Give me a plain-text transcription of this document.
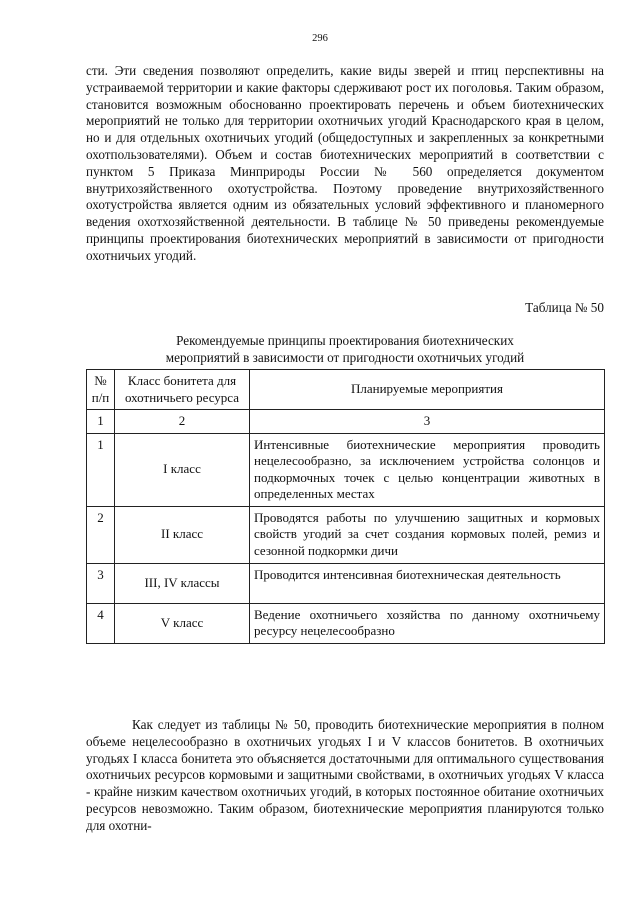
296

сти. Эти сведения позволяют определить, какие виды зверей и птиц перспективны на устраиваемой территории и какие факторы сдерживают рост их поголовья. Таким образом, становится возможным обоснованно проектировать перечень и объем биотехнических мероприятий не только для территории охотничьих угодий Краснодарского края в целом, но и для отдельных охотничьих угодий (общедоступных и закрепленных за конкретными охотпользователями). Объем и состав биотехнических мероприятий в соответствии с пунктом 5 Приказа Минприроды России № 560 определяется документом внутрихозяйственного охотустройства. Поэтому проведение внутрихозяйственного охотустройства является одним из обязательных условий эффективного и планомерного ведения охотхозяйственной деятельности. В таблице № 50 приведены рекомендуемые принципы проектирования биотехнических мероприятий в зависимости от пригодности охотничьих угодий.

Таблица № 50
Рекомендуемые принципы проектирования биотехнических
мероприятий в зависимости от пригодности охотничьих угодий
№ п/п	Класс бонитета для охотничьего ресурса	Планируемые мероприятия
1	2	3
1	I класс	Интенсивные биотехнические мероприятия проводить нецелесообразно, за исключением устройства солонцов и подкормочных точек с целью концентрации животных в определенных местах
2	II класс	Проводятся работы по улучшению защитных и кормовых свойств угодий за счет создания кормовых полей, ремиз и сезонной подкормки дичи
3	III, IV классы	Проводится интенсивная биотехническая деятельность
4	V класс	Ведение охотничьего хозяйства по данному охотничьему ресурсу нецелесообразно

Как следует из таблицы № 50, проводить биотехнические мероприятия в полном объеме нецелесообразно в охотничьих угодьях I и V классов бонитетов. В охотничьих угодьях I класса бонитета это объясняется достаточными для оптимального существования охотничьих ресурсов кормовыми и защитными свойствами, в охотничьих угодьях V класса - крайне низким качеством охотничьих угодий, в которых постоянное обитание охотничьих ресурсов невозможно. Таким образом, биотехнические мероприятия планируются только для охотни-
